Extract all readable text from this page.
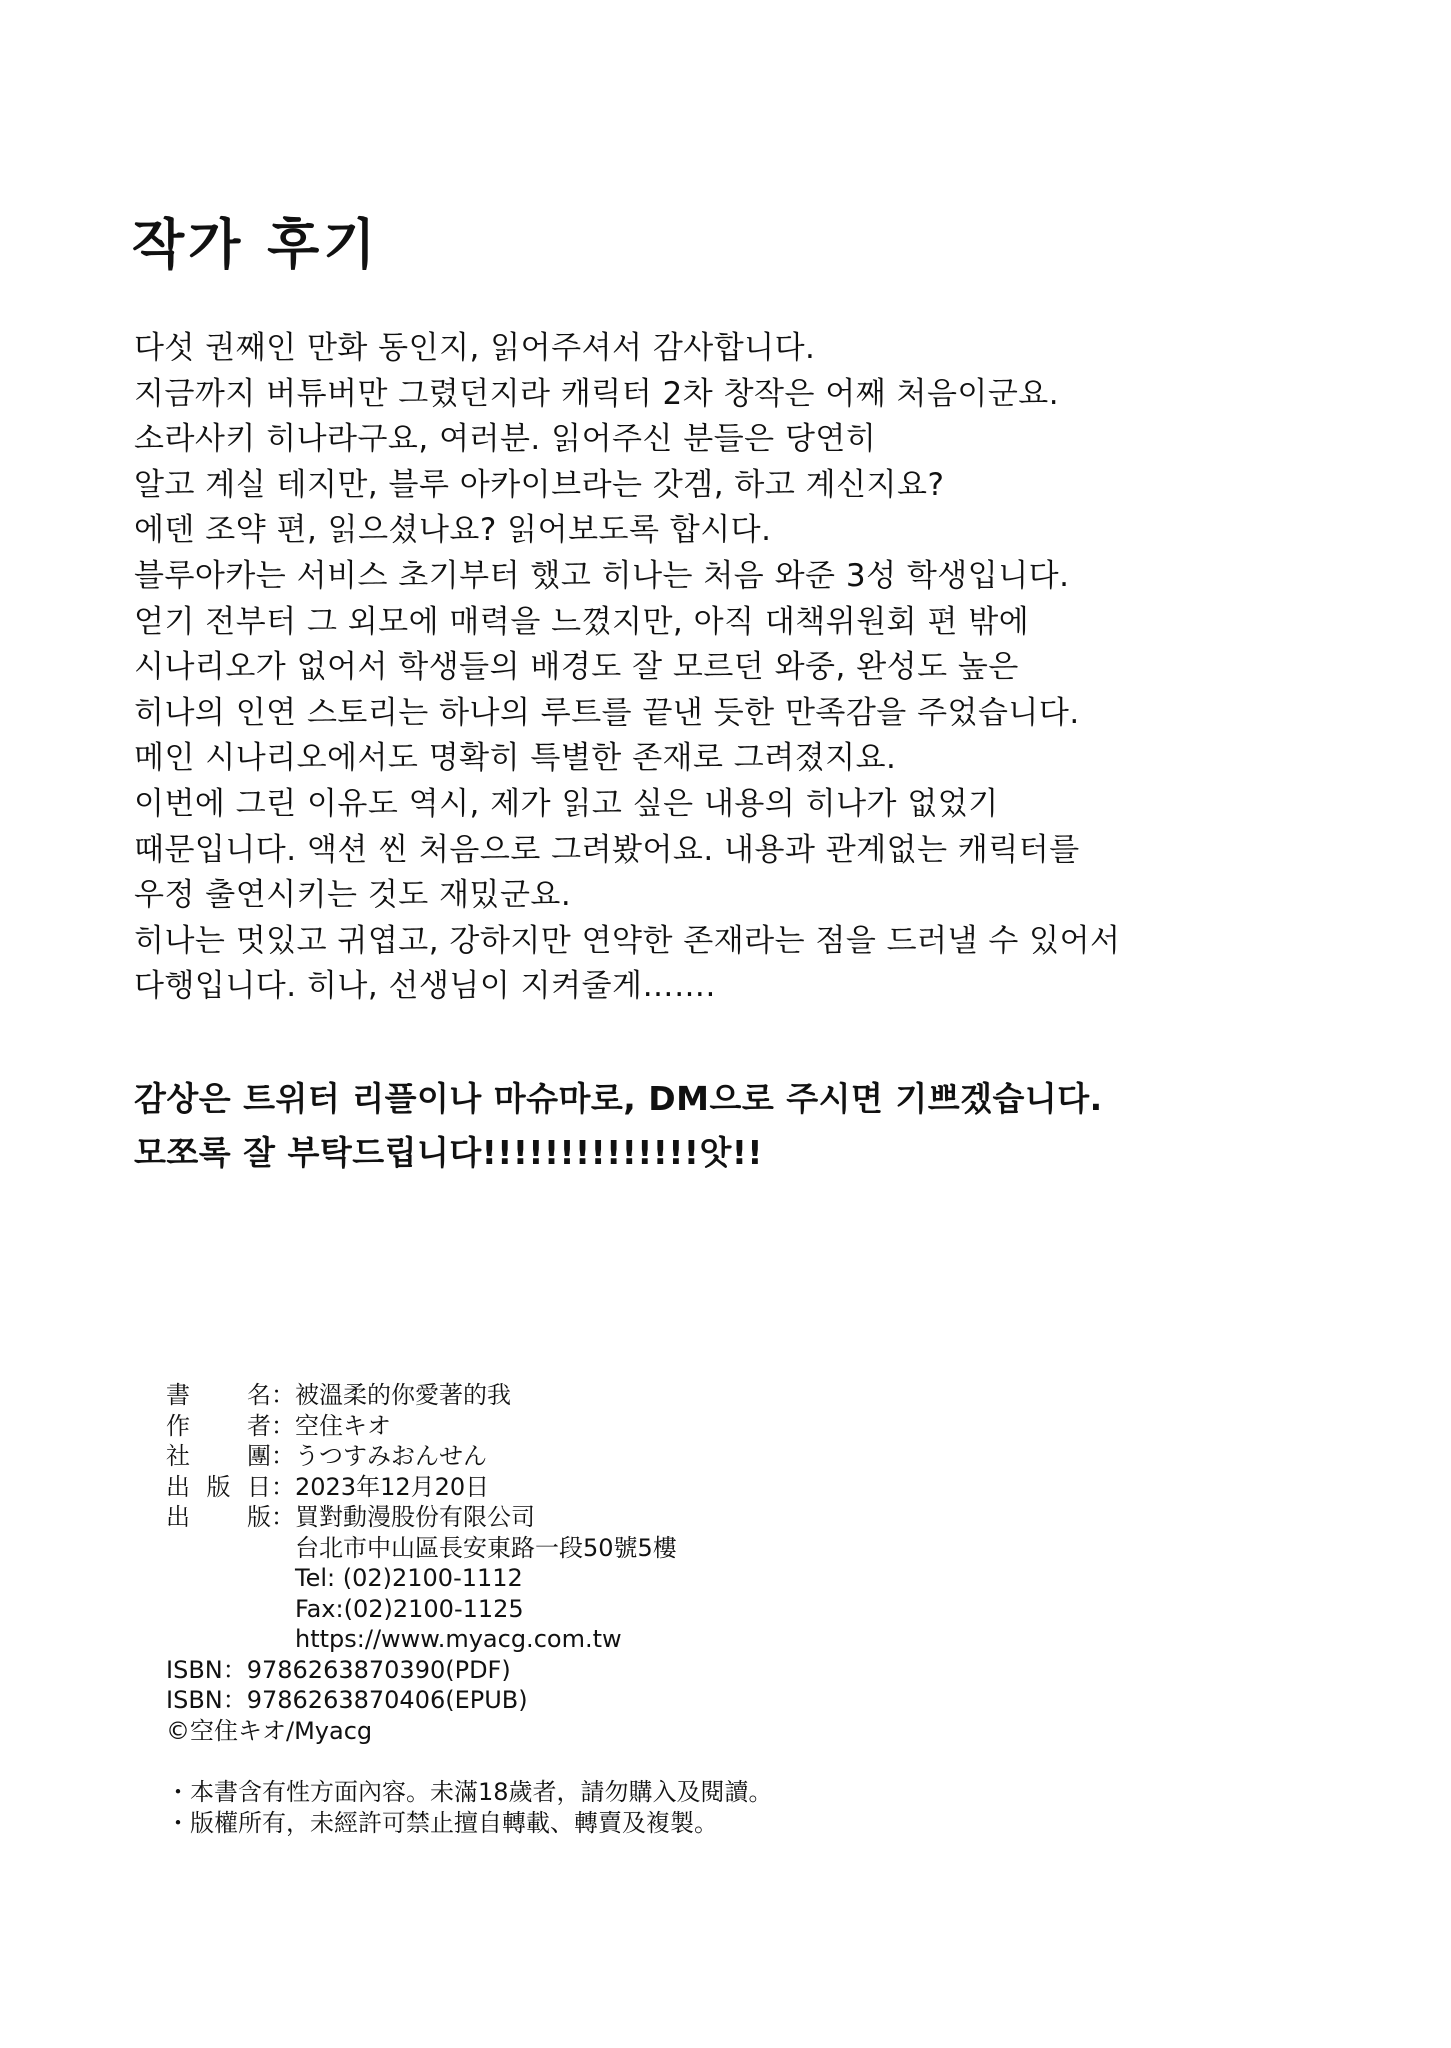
작가 후기
다섯 권째인 만화 동인지, 읽어주셔서 감사합니다.
지금까지 버튜버만 그렸던지라 캐릭터 2차 창작은 어째 처음이군요.
소라사키 히나라구요, 여러분. 읽어주신 분들은 당연히
알고 계실 테지만, 블루 아카이브라는 갓겜, 하고 계신지요?
에덴 조약 편, 읽으셨나요? 읽어보도록 합시다.
블루아카는 서비스 초기부터 했고 히나는 처음 와준 3성 학생입니다.
얻기 전부터 그 외모에 매력을 느꼈지만, 아직 대책위원회 편 밖에
시나리오가 없어서 학생들의 배경도 잘 모르던 와중, 완성도 높은
히나의 인연 스토리는 하나의 루트를 끝낸 듯한 만족감을 주었습니다.
메인 시나리오에서도 명확히 특별한 존재로 그려졌지요.
이번에 그린 이유도 역시, 제가 읽고 싶은 내용의 히나가 없었기
때문입니다. 액션 씬 처음으로 그려봤어요. 내용과 관계없는 캐릭터를
우정 출연시키는 것도 재밌군요.
히나는 멋있고 귀엽고, 강하지만 연약한 존재라는 점을 드러낼 수 있어서
다행입니다. 히나, 선생님이 지켜줄게…….
감상은 트위터 리플이나 마슈마로, DM으로 주시면 기쁘겠습니다.
모쪼록 잘 부탁드립니다!!!!!!!!!!!!!!앗!!
書　名 ： 被溫柔的你愛著的我
作　者 ： 空住キオ
社　團 ： うつすみおんせん
出版日 ： 2023年12月20日
出　版 ： 買對動漫股份有限公司
台北市中山區長安東路一段50號5樓
Tel: (02)2100-1112
Fax:(02)2100-1125
https://www.myacg.com.tw
ISBN：9786263870390(PDF)
ISBN：9786263870406(EPUB)
©空住キオ/Myacg
・本書含有性方面內容。未滿18歲者，請勿購入及閱讀。
・版權所有，未經許可禁止擅自轉載、轉賣及複製。
